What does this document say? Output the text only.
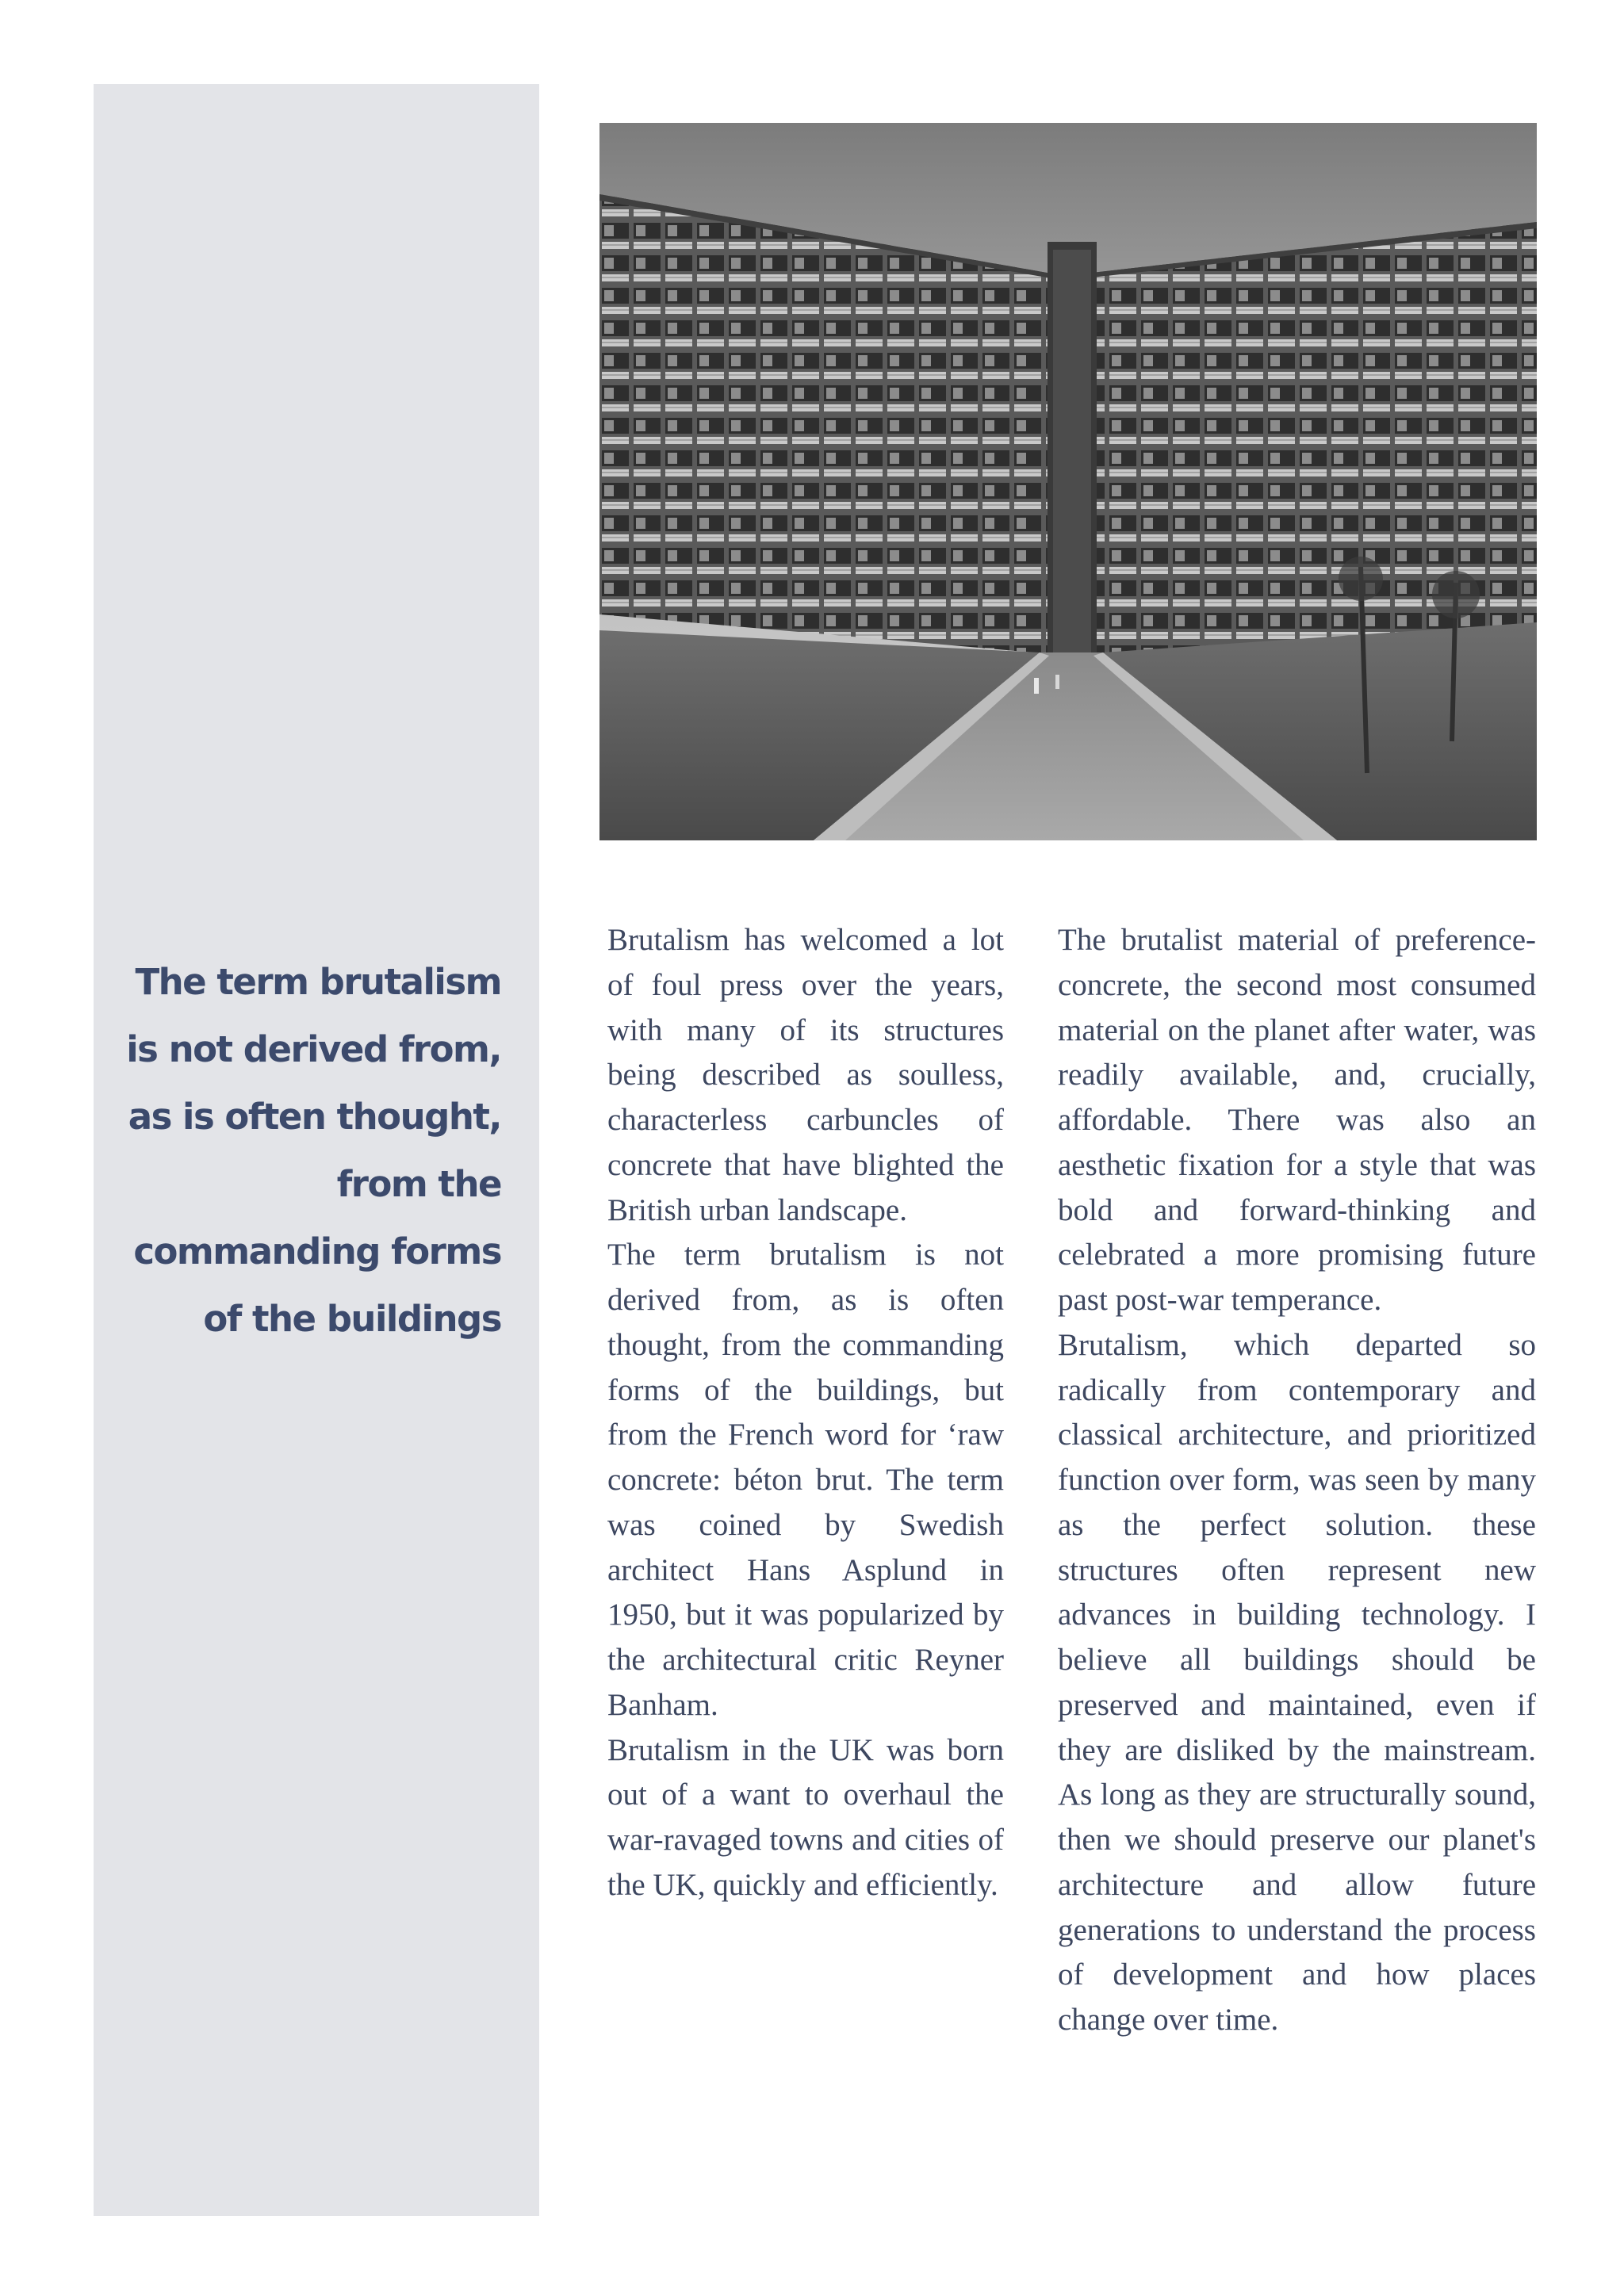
The term brutalism is not derived from, as is often thought, from the commanding forms of the buildings

Brutalism has welcomed a lot of foul press over the years, with many of its structures being described as soulless, characterless carbuncles of concrete that have blighted the British urban landscape.

The term brutalism is not derived from, as is often thought, from the commanding forms of the buildings, but from the French word for ‘raw concrete: béton brut. The term was coined by Swedish architect Hans Asplund in 1950, but it was popularized by the architectural critic Reyner Banham.

Brutalism in the UK was born out of a want to overhaul the war-ravaged towns and cities of the UK, quickly and efficiently.

The brutalist material of preference- concrete, the second most consumed material on the planet after water, was readily available, and, crucially, affordable. There was also an aesthetic fixation for a style that was bold and forward-thinking and celebrated a more promising future past post-war temperance.

Brutalism, which departed so radically from contemporary and classical architecture, and prioritized function over form, was seen by many as the perfect solution. these structures often represent new advances in building technology. I believe all buildings should be preserved and maintained, even if they are disliked by the mainstream. As long as they are structurally sound, then we should preserve our planet's architecture and allow future generations to understand the process of development and how places change over time.
